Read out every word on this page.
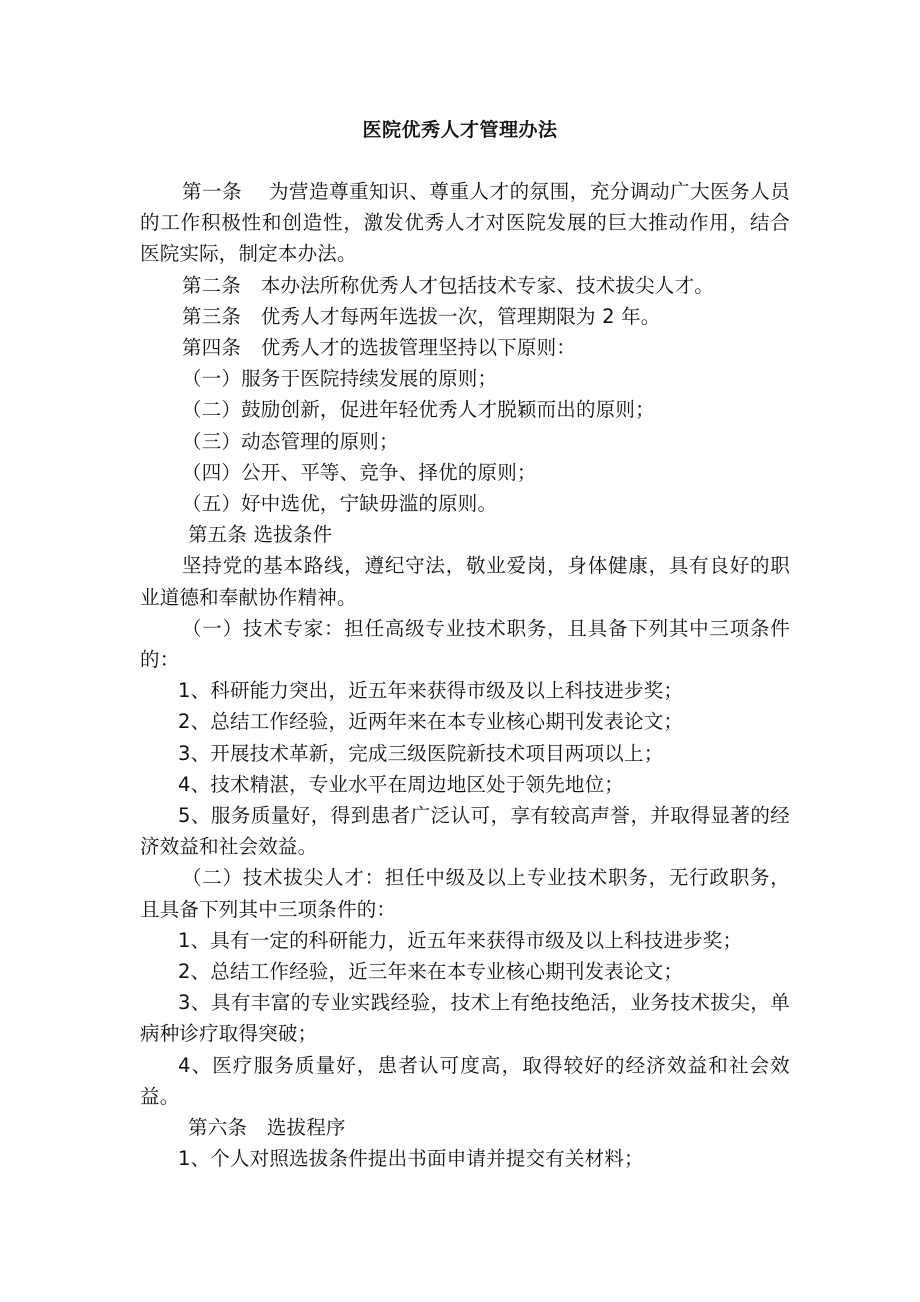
医院优秀人才管理办法

第一条　 为营造尊重知识、尊重人才的氛围，充分调动广大医务人员的工作积极性和创造性，激发优秀人才对医院发展的巨大推动作用，结合医院实际，制定本办法。

第二条　本办法所称优秀人才包括技术专家、技术拔尖人才。

第三条　优秀人才每两年选拔一次，管理期限为 2 年。

第四条　优秀人才的选拔管理坚持以下原则：

（一）服务于医院持续发展的原则；

（二）鼓励创新，促进年轻优秀人才脱颖而出的原则；

（三）动态管理的原则；

（四）公开、平等、竞争、择优的原则；

（五）好中选优，宁缺毋滥的原则。

第五条 选拔条件

坚持党的基本路线，遵纪守法，敬业爱岗，身体健康，具有良好的职业道德和奉献协作精神。

（一）技术专家：担任高级专业技术职务，且具备下列其中三项条件的：

1、科研能力突出，近五年来获得市级及以上科技进步奖；

2、总结工作经验，近两年来在本专业核心期刊发表论文；

3、开展技术革新，完成三级医院新技术项目两项以上；

4、技术精湛，专业水平在周边地区处于领先地位；

5、服务质量好，得到患者广泛认可，享有较高声誉，并取得显著的经济效益和社会效益。

（二）技术拔尖人才：担任中级及以上专业技术职务，无行政职务，且具备下列其中三项条件的：

1、具有一定的科研能力，近五年来获得市级及以上科技进步奖；

2、总结工作经验，近三年来在本专业核心期刊发表论文；

3、具有丰富的专业实践经验，技术上有绝技绝活，业务技术拔尖，单病种诊疗取得突破；

4、医疗服务质量好，患者认可度高，取得较好的经济效益和社会效益。

第六条　选拔程序

1、个人对照选拔条件提出书面申请并提交有关材料；
